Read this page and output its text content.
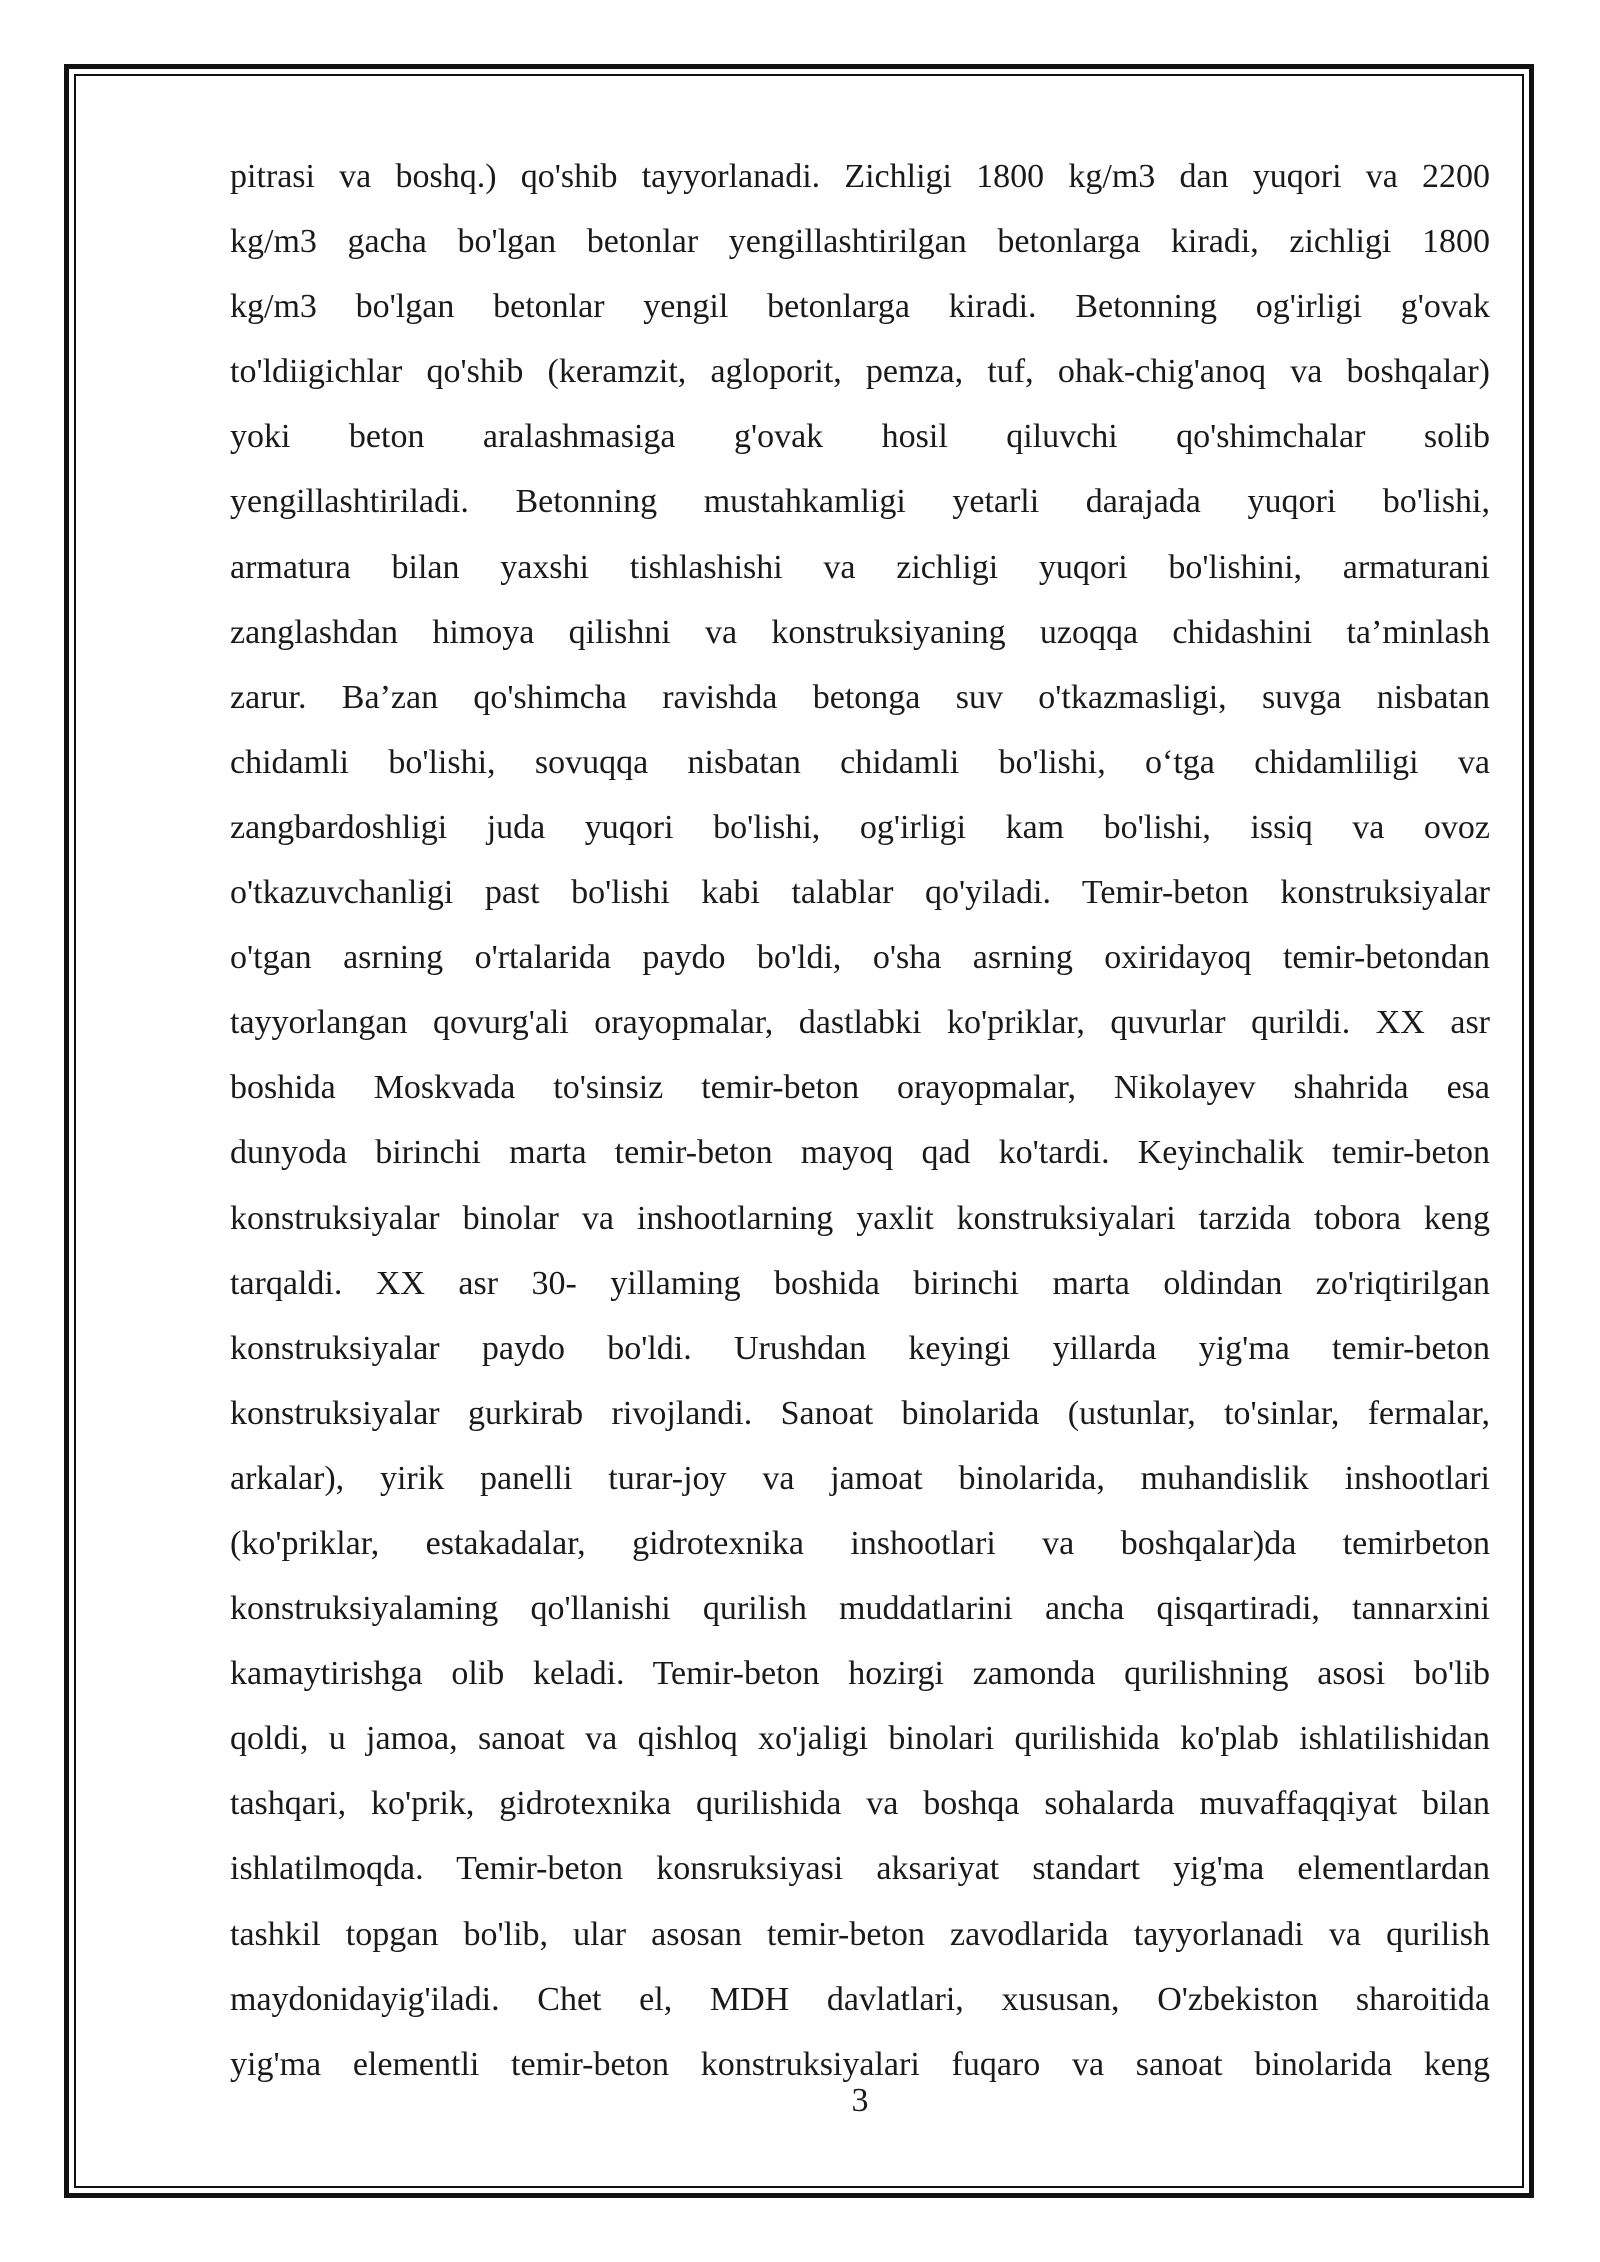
pitrasi va boshq.) qo'shib tayyorlanadi. Zichligi 1800 kg/m3 dan yuqori va 2200
kg/m3 gacha bo'lgan betonlar yengillashtirilgan betonlarga kiradi, zichligi 1800
kg/m3 bo'lgan betonlar yengil betonlarga kiradi. Betonning og'irligi g'ovak
to'ldiigichlar qo'shib (keramzit, agloporit, pemza, tuf, ohak-chig'anoq va boshqalar)
yoki beton aralashmasiga g'ovak hosil qiluvchi qo'shimchalar solib
yengillashtiriladi. Betonning mustahkamligi yetarli darajada yuqori bo'lishi,
armatura bilan yaxshi tishlashishi va zichligi yuqori bo'lishini, armaturani
zanglashdan himoya qilishni va konstruksiyaning uzoqqa chidashini ta’minlash
zarur. Ba’zan qo'shimcha ravishda betonga suv o'tkazmasligi, suvga nisbatan
chidamli bo'lishi, sovuqqa nisbatan chidamli bo'lishi, o‘tga chidamliligi va
zangbardoshligi juda yuqori bo'lishi, og'irligi kam bo'lishi, issiq va ovoz
o'tkazuvchanligi past bo'lishi kabi talablar qo'yiladi. Temir-beton konstruksiyalar
o'tgan asrning o'rtalarida paydo bo'ldi, o'sha asrning oxiridayoq temir-betondan
tayyorlangan qovurg'ali orayopmalar, dastlabki ko'priklar, quvurlar qurildi. XX asr
boshida Moskvada to'sinsiz temir-beton orayopmalar, Nikolayev shahrida esa
dunyoda birinchi marta temir-beton mayoq qad ko'tardi. Keyinchalik temir-beton
konstruksiyalar binolar va inshootlarning yaxlit konstruksiyalari tarzida tobora keng
tarqaldi. XX asr 30- yillaming boshida birinchi marta oldindan zo'riqtirilgan
konstruksiyalar paydo bo'ldi. Urushdan keyingi yillarda yig'ma temir-beton
konstruksiyalar gurkirab rivojlandi. Sanoat binolarida (ustunlar, to'sinlar, fermalar,
arkalar), yirik panelli turar-joy va jamoat binolarida, muhandislik inshootlari
(ko'priklar, estakadalar, gidrotexnika inshootlari va boshqalar)da temirbeton
konstruksiyalaming qo'llanishi qurilish muddatlarini ancha qisqartiradi, tannarxini
kamaytirishga olib keladi. Temir-beton hozirgi zamonda qurilishning asosi bo'lib
qoldi, u jamoa, sanoat va qishloq xo'jaligi binolari qurilishida ko'plab ishlatilishidan
tashqari, ko'prik, gidrotexnika qurilishida va boshqa sohalarda muvaffaqqiyat bilan
ishlatilmoqda. Temir-beton konsruksiyasi aksariyat standart yig'ma elementlardan
tashkil topgan bo'lib, ular asosan temir-beton zavodlarida tayyorlanadi va qurilish
maydonidayig'iladi. Chet el, MDH davlatlari, xususan, O'zbekiston sharoitida
yig'ma elementli temir-beton konstruksiyalari fuqaro va sanoat binolarida keng
3
